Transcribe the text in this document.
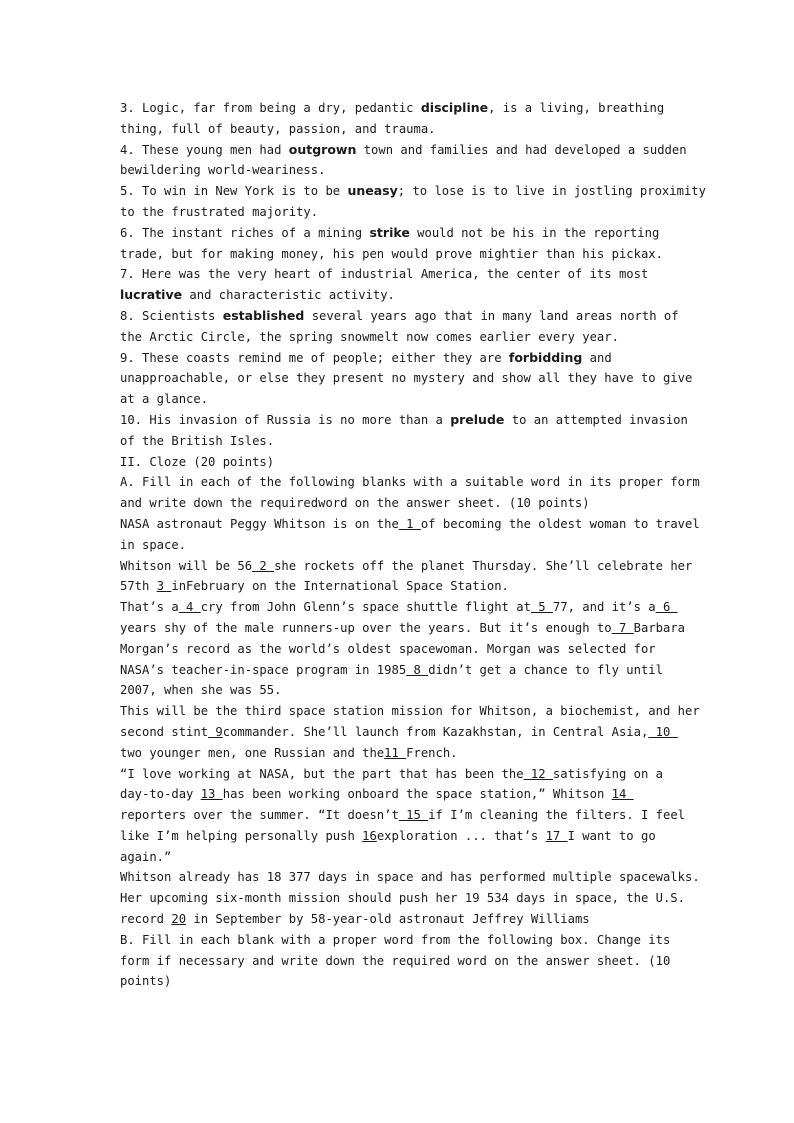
3. Logic, far from being a dry, pedantic discipline, is a living, breathing
thing, full of beauty, passion, and trauma.
4. These young men had outgrown town and families and had developed a sudden
bewildering world-weariness.
5. To win in New York is to be uneasy; to lose is to live in jostling proximity
to the frustrated majority.
6. The instant riches of a mining strike would not be his in the reporting
trade, but for making money, his pen would prove mightier than his pickax.
7. Here was the very heart of industrial America, the center of its most
lucrative and characteristic activity.
8. Scientists established several years ago that in many land areas north of
the Arctic Circle, the spring snowmelt now comes earlier every year.
9. These coasts remind me of people; either they are forbidding and
unapproachable, or else they present no mystery and show all they have to give
at a glance.
10. His invasion of Russia is no more than a prelude to an attempted invasion
of the British Isles.
II. Cloze (20 points)
A. Fill in each of the following blanks with a suitable word in its proper form
and write down the requiredword on the answer sheet. (10 points)
NASA astronaut Peggy Whitson is on the 1 of becoming the oldest woman to travel
in space.
Whitson will be 56 2 she rockets off the planet Thursday. She’ll celebrate her
57th 3 inFebruary on the International Space Station.
That’s a 4 cry from John Glenn’s space shuttle flight at 5 77, and it’s a 6
years shy of the male runners-up over the years. But it’s enough to 7 Barbara
Morgan’s record as the world’s oldest spacewoman. Morgan was selected for
NASA’s teacher-in-space program in 1985 8 didn’t get a chance to fly until
2007, when she was 55.
This will be the third space station mission for Whitson, a biochemist, and her
second stint 9commander. She’ll launch from Kazakhstan, in Central Asia, 10
two younger men, one Russian and the11 French.
“I love working at NASA, but the part that has been the 12 satisfying on a
day-to-day 13 has been working onboard the space station,” Whitson 14
reporters over the summer. “It doesn’t 15 if I’m cleaning the filters. I feel
like I’m helping personally push 16exploration ... that’s 17 I want to go
again.”
Whitson already has 18 377 days in space and has performed multiple spacewalks.
Her upcoming six-month mission should push her 19 534 days in space, the U.S.
record 20 in September by 58-year-old astronaut Jeffrey Williams
B. Fill in each blank with a proper word from the following box. Change its
form if necessary and write down the required word on the answer sheet. (10
points)
